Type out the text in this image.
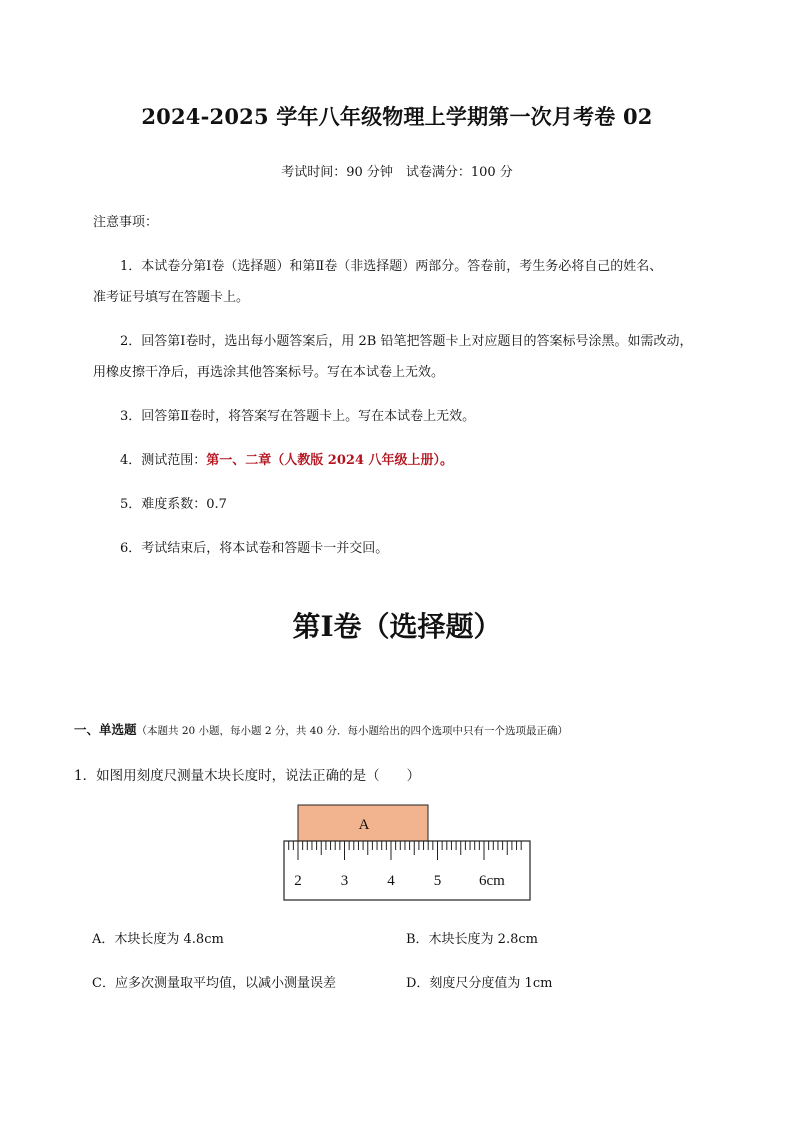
2024-2025 学年八年级物理上学期第一次月考卷 02
考试时间：90 分钟　试卷满分：100 分
注意事项：
1．本试卷分第Ⅰ卷（选择题）和第Ⅱ卷（非选择题）两部分。答卷前，考生务必将自己的姓名、
准考证号填写在答题卡上。
2．回答第Ⅰ卷时，选出每小题答案后，用 2B 铅笔把答题卡上对应题目的答案标号涂黑。如需改动，
用橡皮擦干净后，再选涂其他答案标号。写在本试卷上无效。
3．回答第Ⅱ卷时，将答案写在答题卡上。写在本试卷上无效。
4．测试范围：第一、二章（人教版 2024 八年级上册）。
5．难度系数：0.7
6．考试结束后，将本试卷和答题卡一并交回。
第Ⅰ卷（选择题）
一、单选题（本题共 20 小题，每小题 2 分，共 40 分．每小题给出的四个选项中只有一个选项最正确）
1．如图用刻度尺测量木块长度时，说法正确的是（　　）
A
2	3	4	5	6cm
A．木块长度为 4.8cm	B．木块长度为 2.8cm
C．应多次测量取平均值，以减小测量误差	D．刻度尺分度值为 1cm
